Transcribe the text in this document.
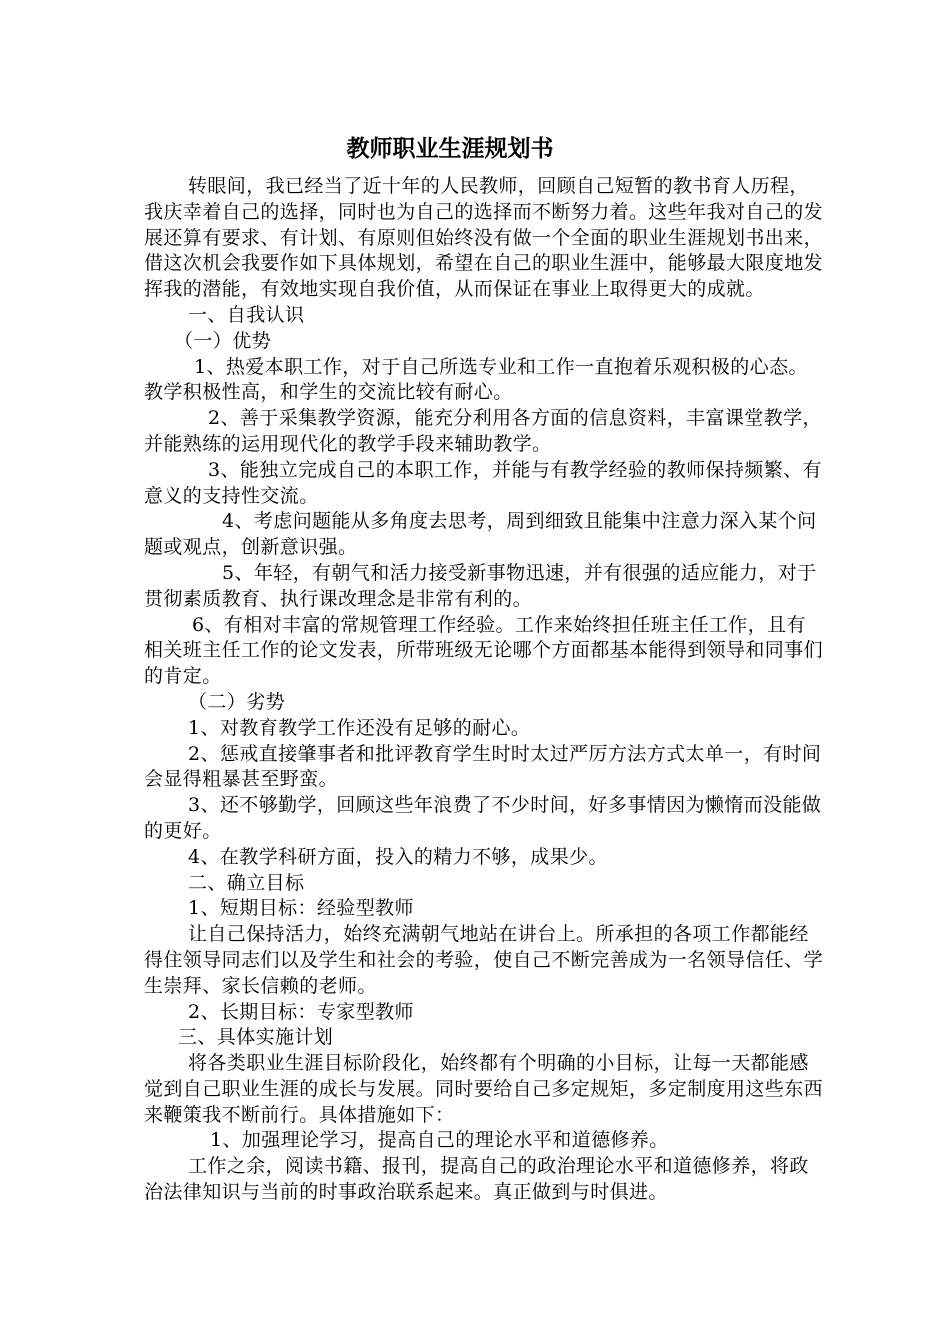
教师职业生涯规划书

转眼间，我已经当了近十年的人民教师，回顾自己短暂的教书育人历程，我庆幸着自己的选择，同时也为自己的选择而不断努力着。这些年我对自己的发展还算有要求、有计划、有原则但始终没有做一个全面的职业生涯规划书出来，借这次机会我要作如下具体规划，希望在自己的职业生涯中，能够最大限度地发挥我的潜能，有效地实现自我价值，从而保证在事业上取得更大的成就。

一、自我认识

（一）优势

1、热爱本职工作，对于自己所选专业和工作一直抱着乐观积极的心态。教学积极性高，和学生的交流比较有耐心。

2、善于采集教学资源，能充分利用各方面的信息资料，丰富课堂教学，并能熟练的运用现代化的教学手段来辅助教学。

3、能独立完成自己的本职工作，并能与有教学经验的教师保持频繁、有意义的支持性交流。

4、考虑问题能从多角度去思考，周到细致且能集中注意力深入某个问题或观点，创新意识强。

5、年轻，有朝气和活力接受新事物迅速，并有很强的适应能力，对于贯彻素质教育、执行课改理念是非常有利的。

6、有相对丰富的常规管理工作经验。工作来始终担任班主任工作，且有相关班主任工作的论文发表，所带班级无论哪个方面都基本能得到领导和同事们的肯定。

（二）劣势

1、对教育教学工作还没有足够的耐心。

2、惩戒直接肇事者和批评教育学生时时太过严厉方法方式太单一，有时间会显得粗暴甚至野蛮。

3、还不够勤学，回顾这些年浪费了不少时间，好多事情因为懒惰而没能做的更好。

4、在教学科研方面，投入的精力不够，成果少。

二、确立目标

1、短期目标：经验型教师

让自己保持活力，始终充满朝气地站在讲台上。所承担的各项工作都能经得住领导同志们以及学生和社会的考验，使自己不断完善成为一名领导信任、学生崇拜、家长信赖的老师。

2、长期目标：专家型教师

三、具体实施计划

将各类职业生涯目标阶段化，始终都有个明确的小目标，让每一天都能感觉到自己职业生涯的成长与发展。同时要给自己多定规矩，多定制度用这些东西来鞭策我不断前行。具体措施如下：

1、加强理论学习，提高自己的理论水平和道德修养。

工作之余，阅读书籍、报刊，提高自己的政治理论水平和道德修养，将政治法律知识与当前的时事政治联系起来。真正做到与时俱进。
